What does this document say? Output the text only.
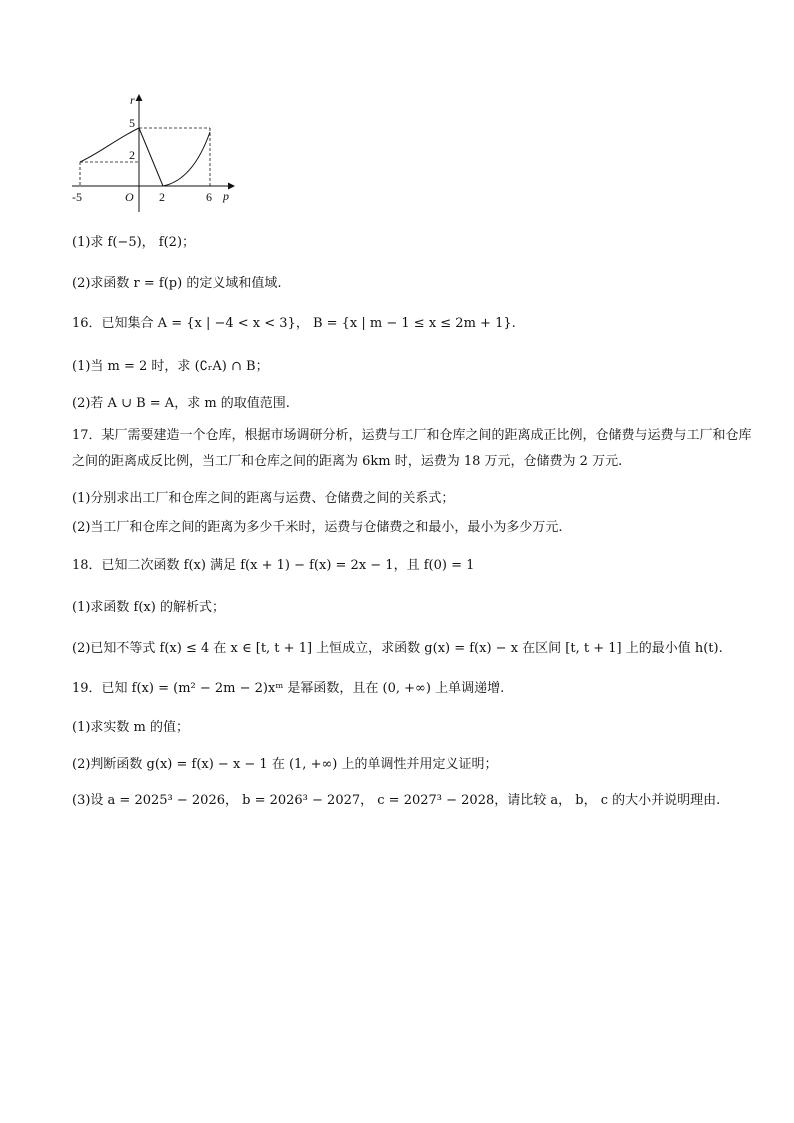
r
p
O
5
2
-5	2	6
(1)求 f(−5)， f(2)；
(2)求函数 r = f(p) 的定义域和值域.
16．已知集合 A = {x | −4 < x < 3}， B = {x | m − 1 ≤ x ≤ 2m + 1}.
(1)当 m = 2 时，求 (∁ᵣA) ∩ B；
(2)若 A ∪ B = A，求 m 的取值范围.
17．某厂需要建造一个仓库，根据市场调研分析，运费与工厂和仓库之间的距离成正比例，仓储费与运费与工厂和仓库之间的距离成反比例，当工厂和仓库之间的距离为 6km 时，运费为 18 万元，仓储费为 2 万元.
(1)分别求出工厂和仓库之间的距离与运费、仓储费之间的关系式；
(2)当工厂和仓库之间的距离为多少千米时，运费与仓储费之和最小，最小为多少万元.
18．已知二次函数 f(x) 满足 f(x + 1) − f(x) = 2x − 1，且 f(0) = 1
(1)求函数 f(x) 的解析式；
(2)已知不等式 f(x) ≤ 4 在 x ∈ [t, t + 1] 上恒成立，求函数 g(x) = f(x) − x 在区间 [t, t + 1] 上的最小值 h(t).
19．已知 f(x) = (m² − 2m − 2)xᵐ 是幂函数，且在 (0, +∞) 上单调递增.
(1)求实数 m 的值；
(2)判断函数 g(x) = f(x) − x − 1 在 (1, +∞) 上的单调性并用定义证明；
(3)设 a = 2025³ − 2026， b = 2026³ − 2027， c = 2027³ − 2028，请比较 a， b， c 的大小并说明理由.
